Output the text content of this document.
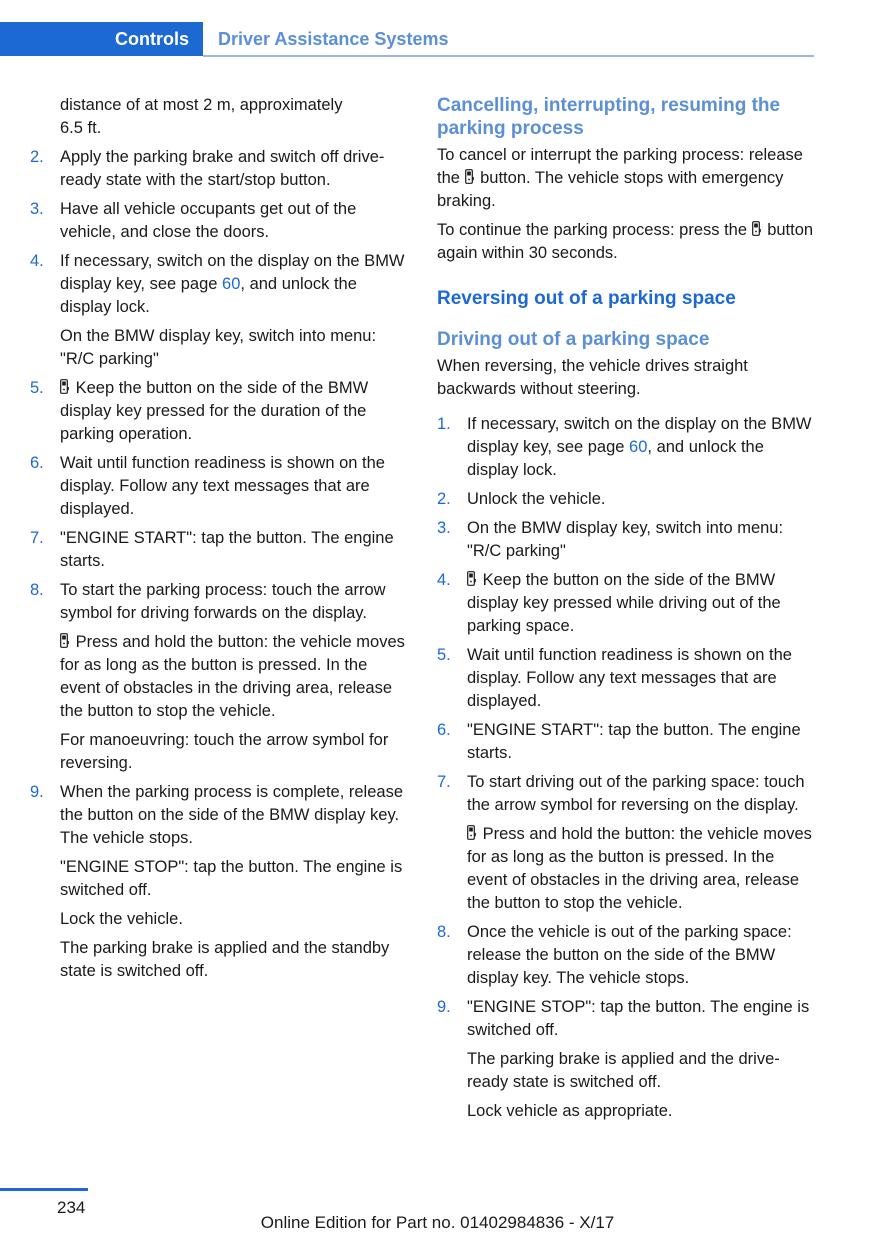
Controls Driver Assistance Systems
distance of at most 2 m, approximately
6.5 ft.
2. Apply the parking brake and switch off drive-ready state with the start/stop button.

3. Have all vehicle occupants get out of the vehicle, and close the doors.

4. If necessary, switch on the display on the BMW display key, see page 60, and unlock the display lock.

On the BMW display key, switch into menu: "R/C parking"

5.	Keep the button on the side of the BMW display key pressed for the duration of the parking operation.

6. Wait until function readiness is shown on the display. Follow any text messages that are displayed.

7. "ENGINE START": tap the button. The engine starts.

8. To start the parking process: touch the arrow symbol for driving forwards on the display.

Press and hold the button: the vehicle moves for as long as the button is pressed. In the event of obstacles in the driving area, release the button to stop the vehicle.

For manoeuvring: touch the arrow symbol for reversing.

9. When the parking process is complete, release the button on the side of the BMW display key. The vehicle stops.

"ENGINE STOP": tap the button. The engine is switched off.

Lock the vehicle.

The parking brake is applied and the standby state is switched off.

Cancelling, interrupting, resuming the parking process

To cancel or interrupt the parking process: release the  button. The vehicle stops with emergency braking.

To continue the parking process: press the  button again within 30 seconds.

Reversing out of a parking space
Driving out of a parking space

When reversing, the vehicle drives straight backwards without steering.

1. If necessary, switch on the display on the BMW display key, see page 60, and unlock the display lock.

2. Unlock the vehicle.

3. On the BMW display key, switch into menu: "R/C parking"

4.	Keep the button on the side of the BMW display key pressed while driving out of the parking space.

5. Wait until function readiness is shown on the display. Follow any text messages that are displayed.

6. "ENGINE START": tap the button. The engine starts.

7. To start driving out of the parking space: touch the arrow symbol for reversing on the display.

Press and hold the button: the vehicle moves for as long as the button is pressed. In the event of obstacles in the driving area, release the button to stop the vehicle.

8. Once the vehicle is out of the parking space: release the button on the side of the BMW display key. The vehicle stops.

9. "ENGINE STOP": tap the button. The engine is switched off.

The parking brake is applied and the drive-ready state is switched off.

Lock vehicle as appropriate.

234
Online Edition for Part no. 01402984836 - X/17
